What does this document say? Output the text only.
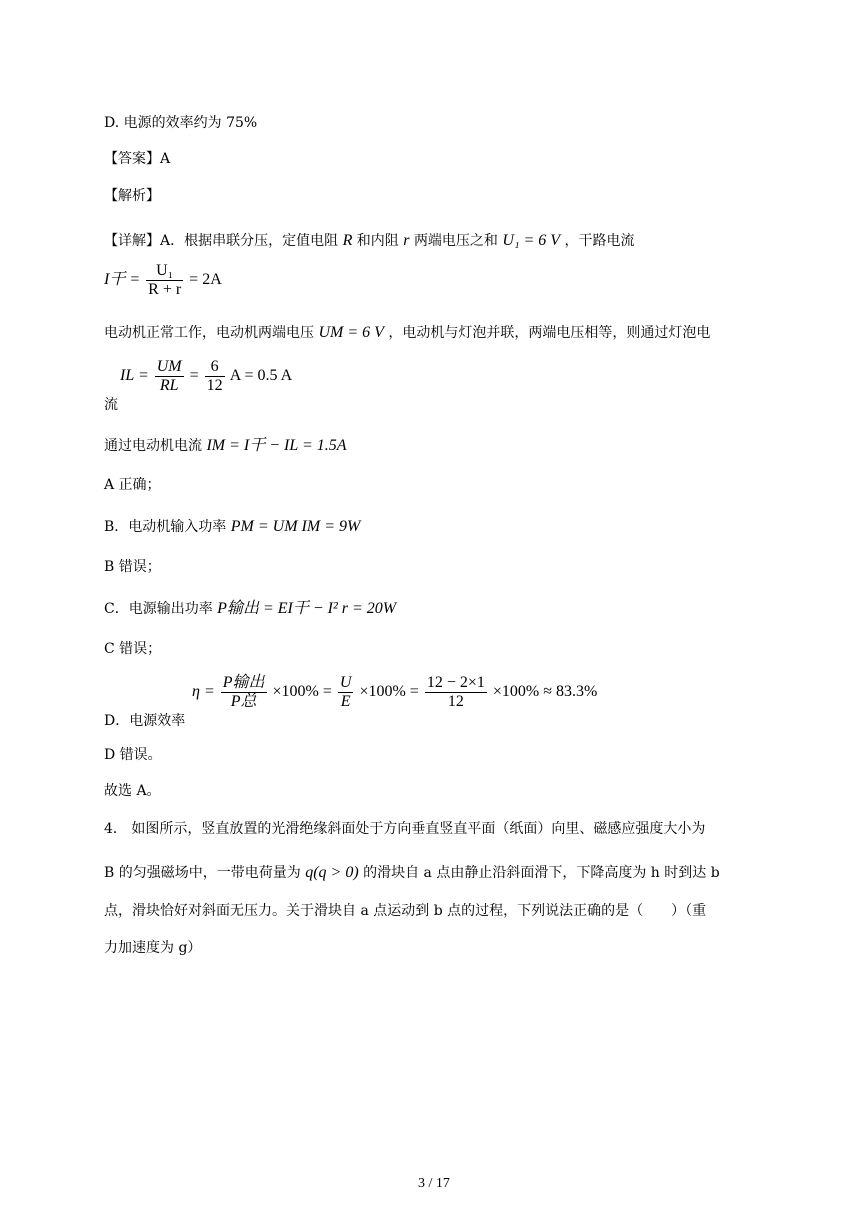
D. 电源的效率约为 75%
【答案】A
【解析】
【详解】A．根据串联分压，定值电阻 R 和内阻 r 两端电压之和 U₁ = 6 V ，干路电流
I干 = $\frac{\text{U₁}}{R + r} = 2A$
电动机正常工作，电动机两端电压 UM = 6 V ，电动机与灯泡并联，两端电压相等，则通过灯泡电
IL = $\frac{UM}{RL} = \frac{6}{12}$ A = 0.5 A
流
通过电动机电流 IM = I干 − IL = 1.5A
A 正确；
B．电动机输入功率 PM = UM IM = 9W
B 错误；
C．电源输出功率 P输出 = EI干 − I² r = 20W
C 错误；
$\eta = \frac{\text{P输出}}{\text{P总}} \times 100\% = \frac{U}{E} \times 100\% = \frac{12 - 2\times 1}{12} \times 100\% \approx 83.3\%$
D．电源效率
D 错误。
故选 A。
4． 如图所示，竖直放置的光滑绝缘斜面处于方向垂直竖直平面（纸面）向里、磁感应强度大小为
B 的匀强磁场中，一带电荷量为 q(q > 0) 的滑块自 a 点由静止沿斜面滑下，下降高度为 h 时到达 b
点，滑块恰好对斜面无压力。关于滑块自 a 点运动到 b 点的过程，下列说法正确的是（　　）（重
力加速度为 g）
3 / 17
